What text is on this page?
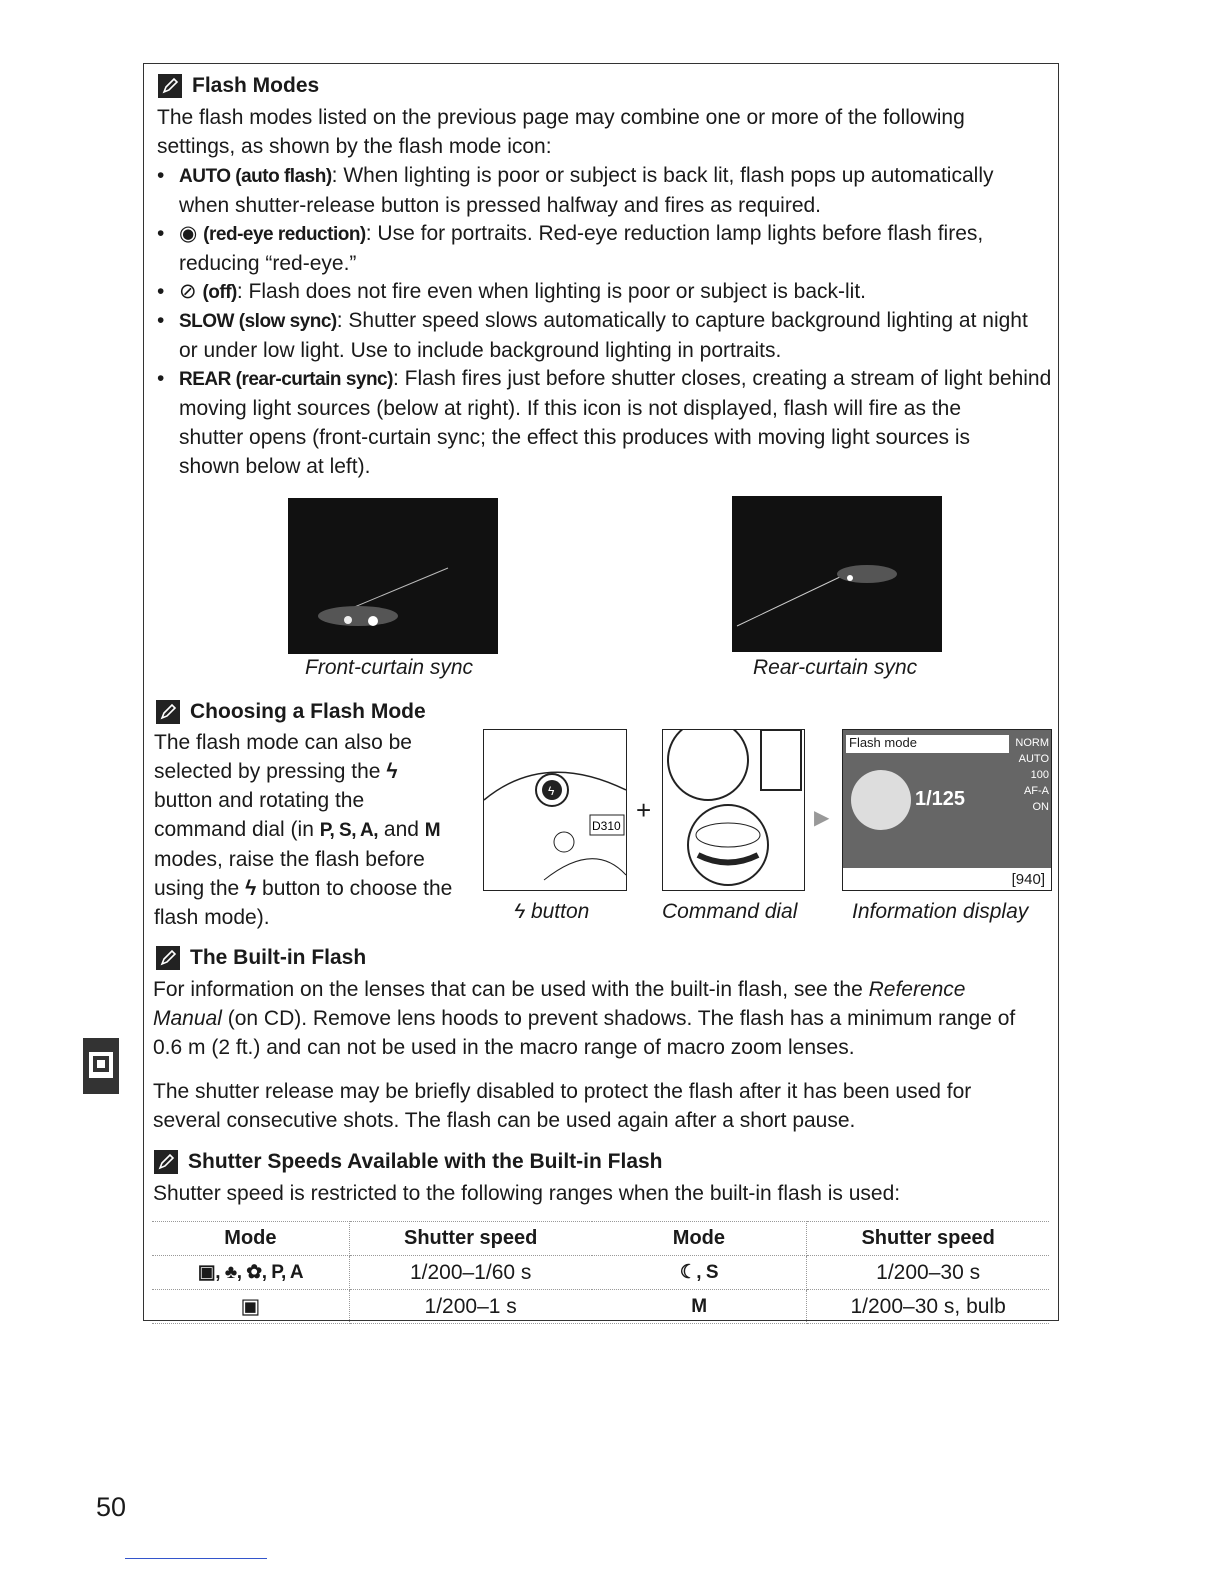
Flash Modes
The flash modes listed on the previous page may combine one or more of the following
settings, as shown by the flash mode icon:
• AUTO (auto flash): When lighting is poor or subject is back lit, flash pops up automatically
when shutter-release button is pressed halfway and fires as required.
• ◉ (red-eye reduction): Use for portraits. Red-eye reduction lamp lights before flash fires,
reducing “red-eye.”
• ⊘ (off): Flash does not fire even when lighting is poor or subject is back-lit.
• SLOW (slow sync): Shutter speed slows automatically to capture background lighting at night
or under low light. Use to include background lighting in portraits.
• REAR (rear-curtain sync): Flash fires just before shutter closes, creating a stream of light behind
moving light sources (below at right). If this icon is not displayed, flash will fire as the
shutter opens (front-curtain sync; the effect this produces with moving light sources is
shown below at left).
Front-curtain sync	Rear-curtain sync
Choosing a Flash Mode
The flash mode can also be
selected by pressing the ϟ
button and rotating the
command dial (in P, S, A, and M
modes, raise the flash before
using the ϟ button to choose the
flash mode).
ϟ
D310
+	▶
Flash mode
1/125
NORM
AUTO
100
AF-A
ON
[940]
ϟ button	Command dial	Information display
The Built-in Flash
For information on the lenses that can be used with the built-in flash, see the Reference
Manual (on CD). Remove lens hoods to prevent shadows. The flash has a minimum range of
0.6 m (2 ft.) and can not be used in the macro range of macro zoom lenses.
The shutter release may be briefly disabled to protect the flash after it has been used for
several consecutive shots. The flash can be used again after a short pause.
Shutter Speeds Available with the Built-in Flash
Shutter speed is restricted to the following ranges when the built-in flash is used:
Mode	Shutter speed	Mode	Shutter speed
▣, ♣, ✿, P, A	1/200–1/60 s	☾, S	1/200–30 s
▣	1/200–1 s	M	1/200–30 s, bulb
50
